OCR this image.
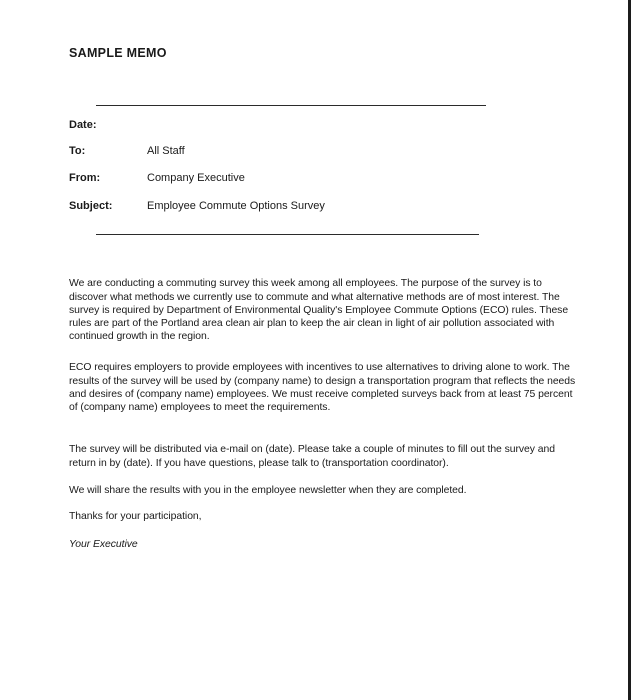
SAMPLE MEMO
Date:
To:	All Staff
From:	Company Executive
Subject:	Employee Commute Options Survey

We are conducting a commuting survey this week among all employees. The purpose of the survey is to discover what methods we currently use to commute and what alternative methods are of most interest. The survey is required by Department of Environmental Quality's Employee Commute Options (ECO) rules. These rules are part of the Portland area clean air plan to keep the air clean in light of air pollution associated with continued growth in the region.

ECO requires employers to provide employees with incentives to use alternatives to driving alone to work. The results of the survey will be used by (company name) to design a transportation program that reflects the needs and desires of (company name) employees. We must receive completed surveys back from at least 75 percent of (company name) employees to meet the requirements.

The survey will be distributed via e-mail on (date). Please take a couple of minutes to fill out the survey and return in by (date). If you have questions, please talk to (transportation coordinator).

We will share the results with you in the employee newsletter when they are completed.

Thanks for your participation,

Your Executive
